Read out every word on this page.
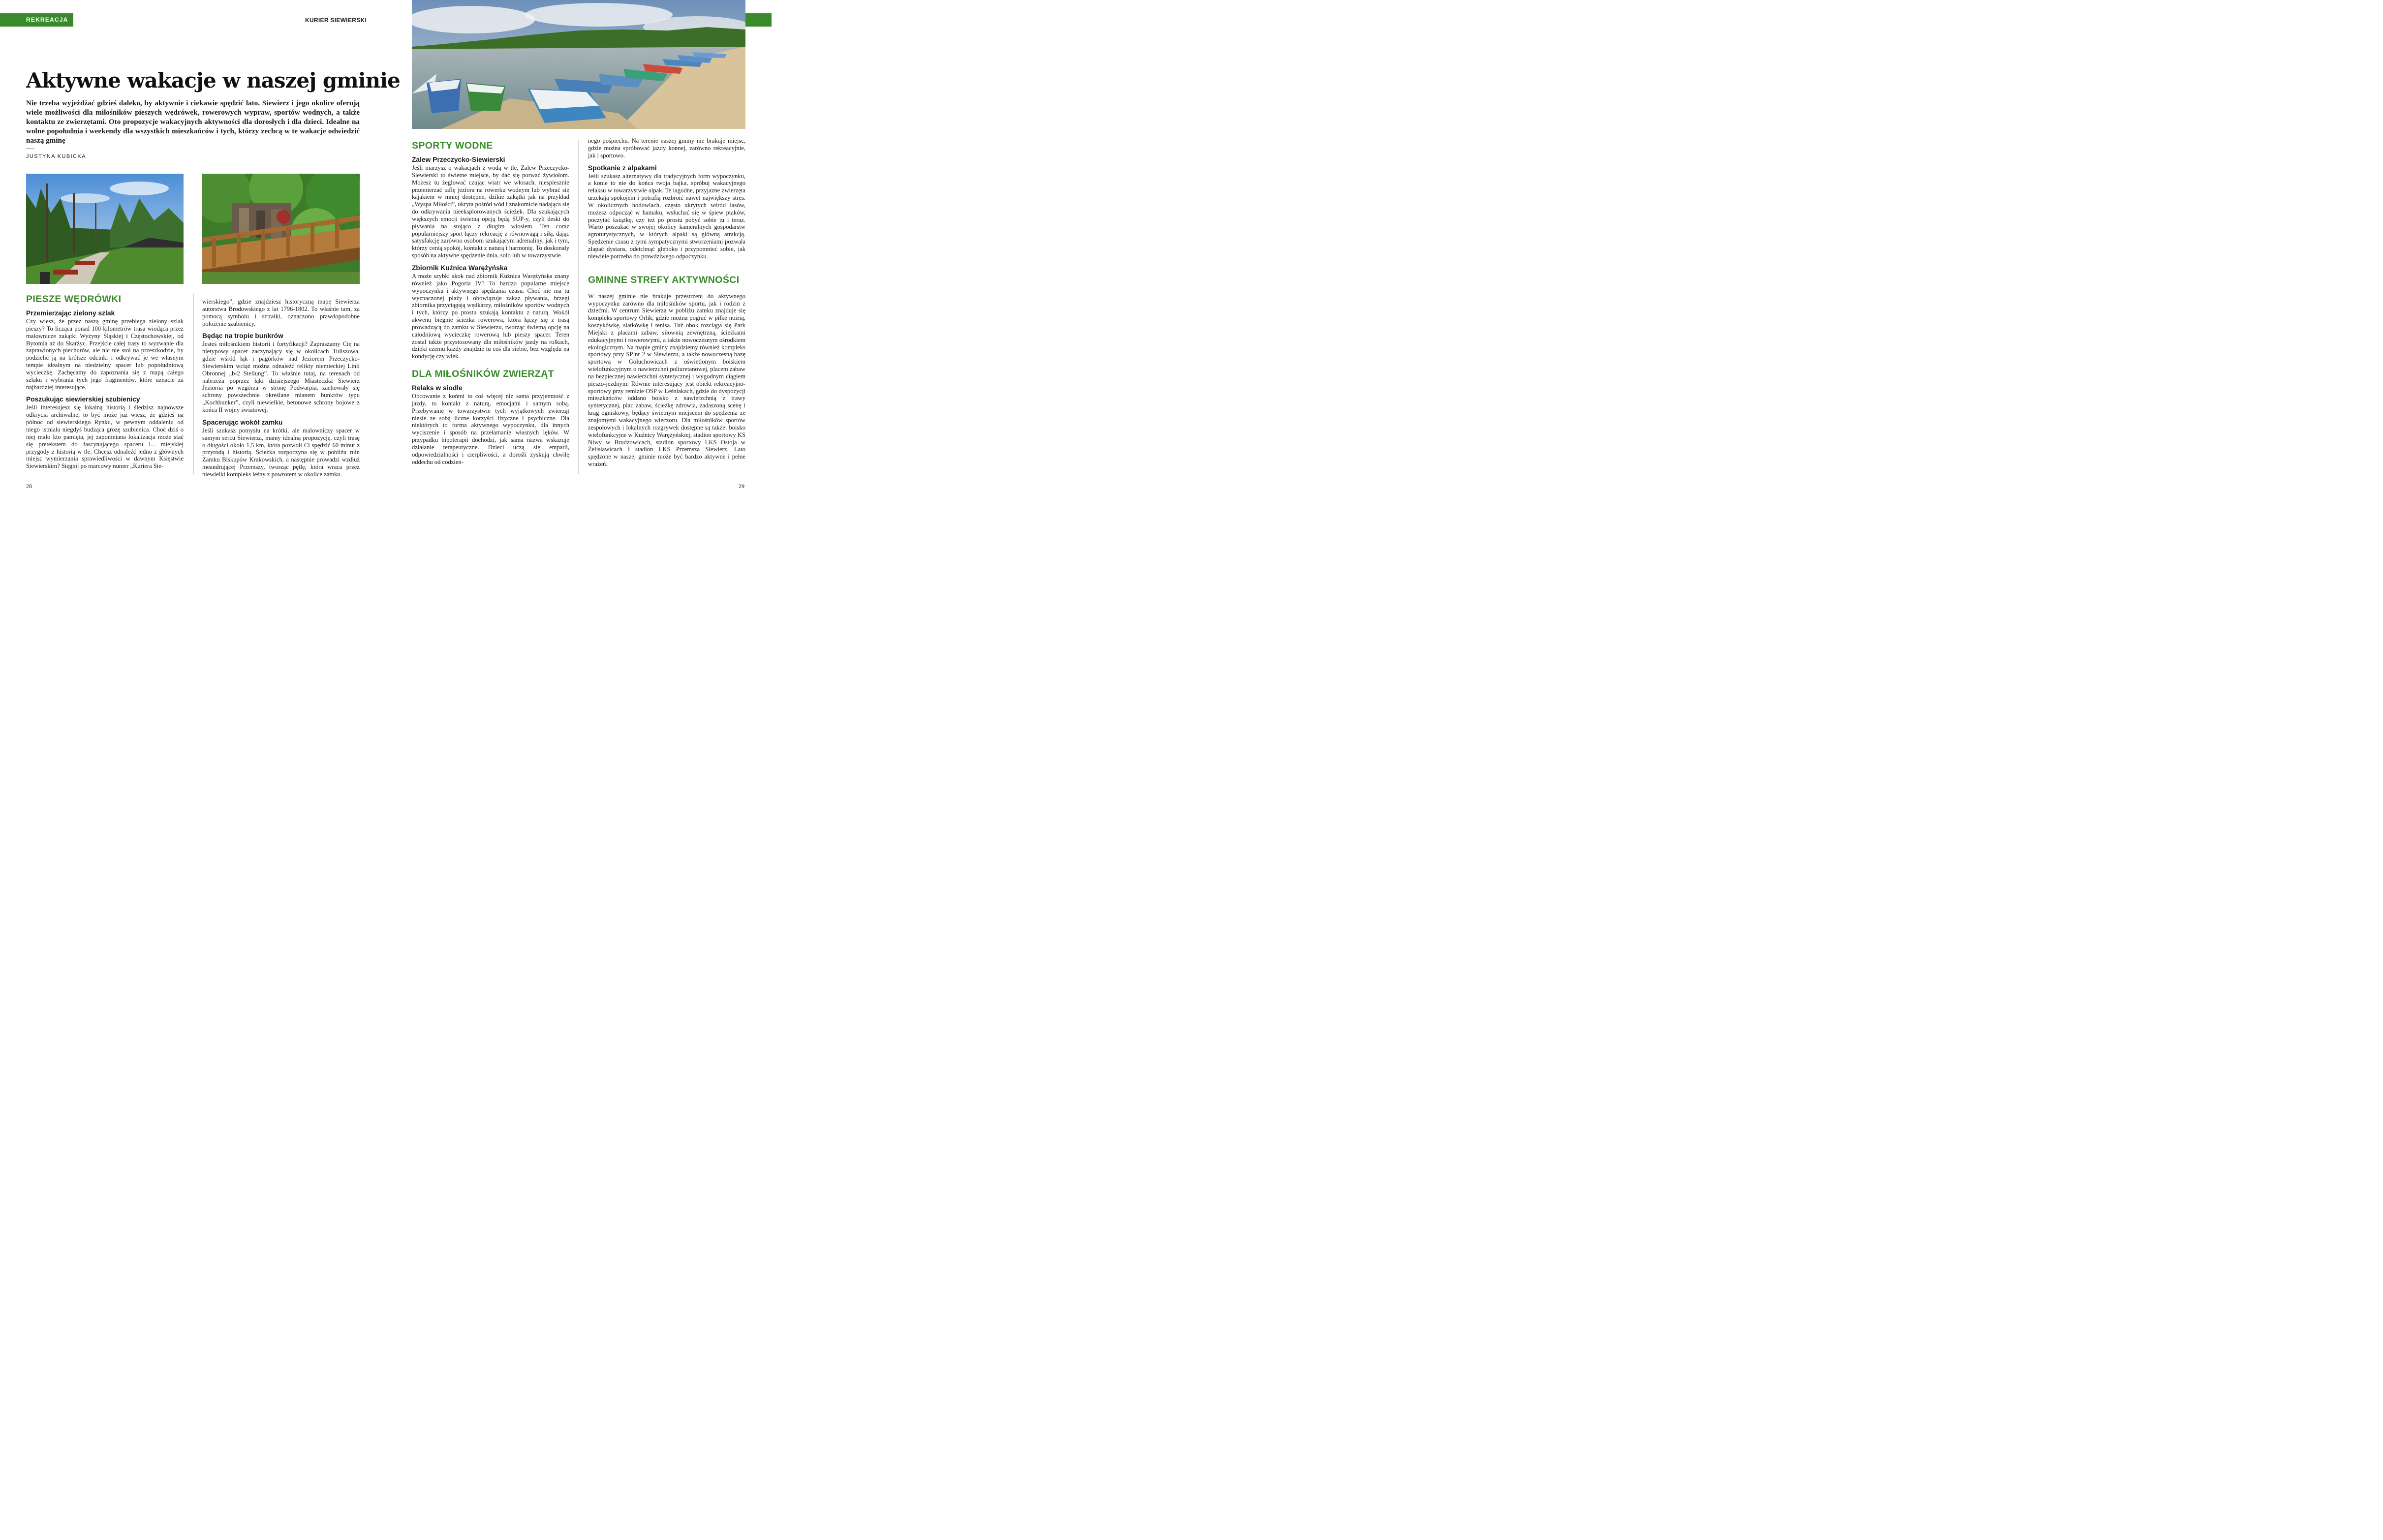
REKREACJA	KURIER SIEWIERSKI
Aktywne wakacje w naszej gminie
Nie trzeba wyjeżdżać gdzieś daleko, by aktywnie i ciekawie spędzić lato. Siewierz i jego okolice oferują wiele możliwości dla miłośników pieszych wędrówek, rowerowych wypraw, sportów wodnych, a także kontaktu ze zwierzętami. Oto propozycje wakacyjnych aktywności dla dorosłych i dla dzieci. Idealne na wolne popołudnia i weekendy dla wszystkich mieszkańców i tych, którzy zechcą w te wakacje odwiedzić naszą gminę
JUSTYNA KUBICKA
PIESZE WĘDRÓWKI
Przemierzając zielony szlak

Czy wiesz, że przez naszą gminę przebiega zielony szlak pieszy? To licząca ponad 100 kilometrów trasa wiodąca przez malownicze zakątki Wyżyny Śląskiej i Częstochowskiej, od Bytomia aż do Skarżyc. Przejście całej trasy to wyzwanie dla zaprawionych piechurów, ale nic nie stoi na przeszkodzie, by podzielić ją na krótsze odcinki i odkrywać je we własnym tempie idealnym na niedzielny spacer lub popołudniową wycieczkę. Zachęcamy do zapoznania się z mapą całego szlaku i wybrania tych jego fragmentów, które uznacie za najbardziej interesujące.

Poszukując siewierskiej szubienicy

Jeśli interesujesz się lokalną historią i śledzisz najnowsze odkrycia archiwalne, to być może już wiesz, że gdzieś na północ od siewierskiego Rynku, w pewnym oddaleniu od niego istniała niegdyś budząca grozę szubienica. Choć dziś o niej mało kto pamięta, jej zapomniana lokalizacja może stać się pretekstem do fascynującego spaceru i... miejskiej przygody z historią w tle. Chcesz odnaleźć jedno z głównych miejsc wymierzania sprawiedliwości w dawnym Księstwie Siewierskim? Sięgnij po marcowy numer „Kuriera Sie-

wierskiego”, gdzie znajdziesz historyczną mapę Siewierza autorstwa Brodowskiego z lat 1796-1802. To właśnie tam, za pomocą symbolu i strzałki, oznaczono prawdopodobne położenie szubienicy.

Będąc na tropie bunkrów

Jesteś miłośnikiem historii i fortyfikacji? Zapraszamy Cię na nietypowy spacer zaczynający się w okolicach Tuliszowa, gdzie wśród łąk i pagórków nad Jeziorem Przeczycko-Siewierskim wciąż można odnaleźć relikty niemieckiej Linii Obronnej „b-2 Stellung”. To właśnie tutaj, na terenach od nabrzeża poprzez łąki dzisiejszego Miasteczka Siewierz Jeziorna po wzgórza w stronę Podwarpia, zachowały się schrony powszechnie określane mianem bunkrów typu „Kochbunker”, czyli niewielkie, betonowe schrony bojowe z końca II wojny światowej.

Spacerując wokół zamku

Jeśli szukasz pomysłu na krótki, ale malowniczy spacer w samym sercu Siewierza, mamy idealną propozycję, czyli trasę o długości około 1,5 km, która pozwoli Ci spędzić 60 minut z przyrodą i historią. Ścieżka rozpoczyna się w pobliżu ruin Zamku Biskupów Krakowskich, a następnie prowadzi wzdłuż meandrującej Przemszy, tworząc pętlę, która wraca przez niewielki kompleks leśny z powrotem w okolice zamku.

SPORTY WODNE
Zalew Przeczycko-Siewierski

Jeśli marzysz o wakacjach z wodą w tle, Zalew Przeczycko-Siewierski to świetne miejsce, by dać się porwać żywiołom. Możesz tu żeglować czując wiatr we włosach, niespiesznie przemierzać taflę jeziora na rowerku wodnym lub wybrać się kajakiem w mniej dostępne, dzikie zakątki jak na przykład „Wyspa Miłości”, ukryta pośród wód i znakomicie nadająca się do odkrywania nieeksplorowanych ścieżek. Dla szukających większych emocji świetną opcją będą SUP-y, czyli deski do pływania na stojąco z długim wiosłem. Ten coraz popularniejszy sport łączy rekreację z równowagą i siłą, dając satysfakcję zarówno osobom szukającym adrenaliny, jak i tym, którzy cenią spokój, kontakt z naturą i harmonię. To doskonały sposób na aktywne spędzenie dnia, solo lub w towarzystwie.

Zbiornik Kuźnica Warężyńska

A może szybki skok nad zbiornik Kuźnica Warężyńska znany również jako Pogoria IV? To bardzo popularne miejsce wypoczynku i aktywnego spędzania czasu. Choć nie ma tu wyznaczonej plaży i obowiązuje zakaz pływania, brzegi zbiornika przyciągają wędkarzy, miłośników sportów wodnych i tych, którzy po prostu szukają kontaktu z naturą. Wokół akwenu biegnie ścieżka rowerowa, która łączy się z trasą prowadzącą do zamku w Siewierzu, tworząc świetną opcję na całodniową wycieczkę rowerową lub pieszy spacer. Teren został także przystosowany dla miłośników jazdy na rolkach, dzięki czemu każdy znajdzie tu coś dla siebie, bez względu na kondycję czy wiek.

DLA MIŁOŚNIKÓW ZWIERZĄT
Relaks w siodle

Obcowanie z końmi to coś więcej niż sama przyjemność z jazdy, to kontakt z naturą, emocjami i samym sobą. Przebywanie w towarzystwie tych wyjątkowych zwierząt niesie ze sobą liczne korzyści fizyczne i psychiczne. Dla niektórych to forma aktywnego wypoczynku, dla innych wyciszenie i sposób na przełamanie własnych lęków. W przypadku hipoterapii dochodzi, jak sama nazwa wskazuje działanie terapeutyczne. Dzieci uczą się empatii, odpowiedzialności i cierpliwości, a dorośli zyskują chwilę oddechu od codzien-

nego pośpiechu. Na terenie naszej gminy nie brakuje miejsc, gdzie można spróbować jazdy konnej, zarówno rekreacyjnie, jak i sportowo.

Spotkanie z alpakami

Jeśli szukasz alternatywy dla tradycyjnych form wypoczynku, a konie to nie do końca twoja bajka, spróbuj wakacyjnego relaksu w towarzystwie alpak. Te łagodne, przyjazne zwierzęta urzekają spokojem i potrafią rozbroić nawet największy stres. W okolicznych hodowlach, często ukrytych wśród lasów, możesz odpocząć w hamaku, wsłuchać się w śpiew ptaków, poczytać książkę, czy też po prostu pobyć sobie tu i teraz. Warto poszukać w swojej okolicy kameralnych gospodarstw agroturystycznych, w których alpaki są główną atrakcją. Spędzenie czasu z tymi sympatycznymi stworzeniami pozwala złapać dystans, odetchnąć głęboko i przypomnieć sobie, jak niewiele potrzeba do prawdziwego odpoczynku.

GMINNE STREFY AKTYWNOŚCI

W naszej gminie nie brakuje przestrzeni do aktywnego wypoczynku zarówno dla miłośników sportu, jak i rodzin z dziećmi. W centrum Siewierza w pobliżu zamku znajduje się kompleks sportowy Orlik, gdzie można pograć w piłkę nożną, koszykówkę, siatkówkę i tenisa. Tuż obok rozciąga się Park Miejski z placami zabaw, siłownią zewnętrzną, ścieżkami edukacyjnymi i rowerowymi, a także nowoczesnym ośrodkiem ekologicznym. Na mapie gminy znajdziemy również kompleks sportowy przy SP nr 2 w Siewierzu, a także nowoczesną bazę sportową w Gołuchowicach z oświetlonym boiskiem wielofunkcyjnym o nawierzchni poliuretanowej, placem zabaw na bezpiecznej nawierzchni syntetycznej i wygodnym ciągiem pieszo-jezdnym. Równie interesujący jest obiekt rekreacyjno-sportowy przy remizie OSP w Leśniakach, gdzie do dyspozycji mieszkańców oddano boisko z nawierzchnią z trawy syntetycznej, plac zabaw, ścieżkę zdrowia, zadaszoną scenę i krąg ogniskowy, będący świetnym miejscem do spędzenia ze znajomymi wakacyjnego wieczoru. Dla miłośników sportów zespołowych i lokalnych rozgrywek dostępne są także: boisko wielofunkcyjne w Kuźnicy Warężyńskiej, stadion sportowy KS Niwy w Brudzowicach, stadion sportowy LKS Ostoja w Żelisławicach i stadion LKS Przemsza Siewierz. Lato spędzone w naszej gminie może być bardzo aktywne i pełne wrażeń.

28	29
